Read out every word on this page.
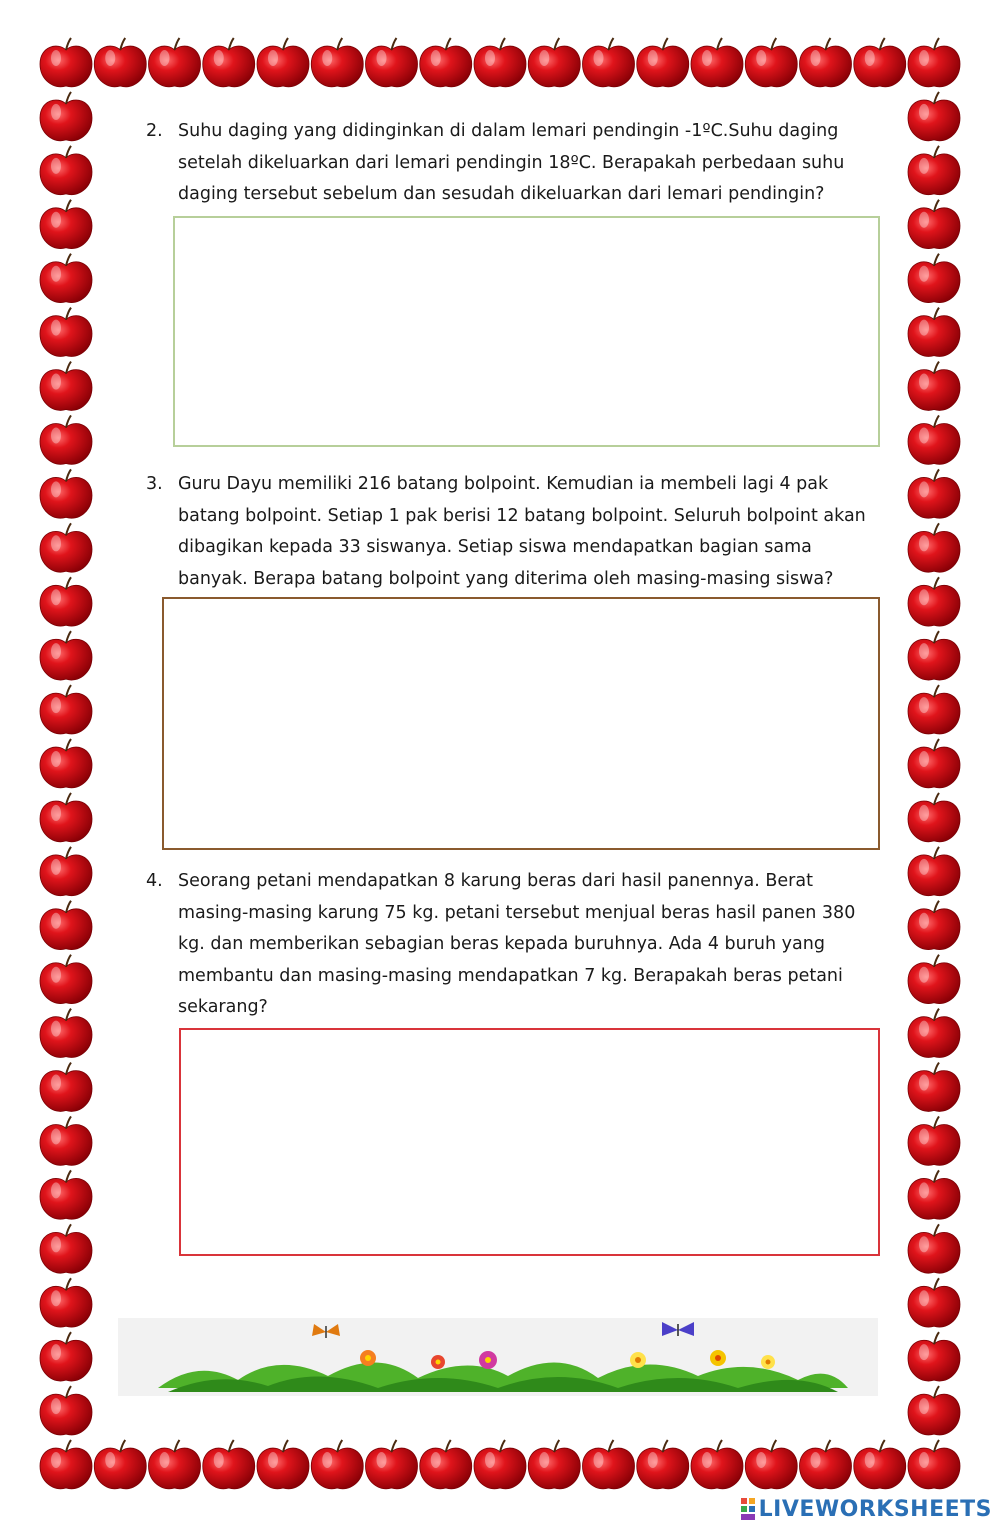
2. Suhu daging yang didinginkan di dalam lemari pendingin -1ºC.Suhu daging
setelah dikeluarkan dari lemari pendingin 18ºC. Berapakah perbedaan suhu
daging tersebut sebelum dan sesudah dikeluarkan dari lemari pendingin?
3. Guru Dayu memiliki 216 batang bolpoint. Kemudian ia membeli lagi 4 pak
batang bolpoint. Setiap 1 pak berisi 12 batang bolpoint. Seluruh bolpoint akan
dibagikan kepada 33 siswanya. Setiap siswa mendapatkan bagian sama
banyak. Berapa batang bolpoint yang diterima oleh masing-masing siswa?
4. Seorang petani mendapatkan 8 karung beras dari hasil panennya. Berat
masing-masing karung 75 kg. petani tersebut menjual beras hasil panen 380
kg. dan memberikan sebagian beras kepada buruhnya. Ada 4 buruh yang
membantu dan masing-masing mendapatkan 7 kg. Berapakah beras petani
sekarang?
LIVEWORKSHEETS
